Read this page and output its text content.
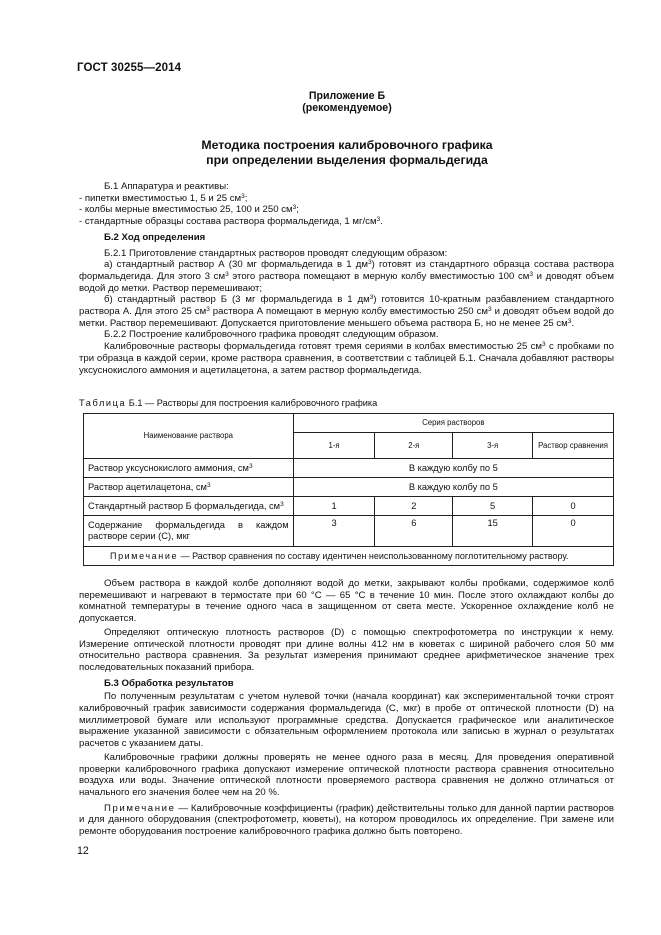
ГОСТ 30255—2014
Приложение Б
(рекомендуемое)
Методика построения калибровочного графика
при определении выделения формальдегида

Б.1 Аппаратура и реактивы:

- пипетки вместимостью 1, 5 и 25 $см^3$;

- колбы мерные вместимостью 25, 100 и 250 $см^3$;

- стандартные образцы состава раствора формальдегида, 1 $мг/см^3$.

Б.2 Ход определения

Б.2.1 Приготовление стандартных растворов проводят следующим образом:

а) стандартный раствор А (30 мг формальдегида в 1 $дм^3$) готовят из стандартного образца состава раствора формальдегида. Для этого 3 $см^3$ этого раствора помещают в мерную колбу вместимостью 100 $см^3$ и доводят объем водой до метки. Раствор перемешивают;

б) стандартный раствор Б (3 мг формальдегида в 1 $дм^3$) готовится 10-кратным разбавлением стандартного раствора А. Для этого 25 $см^3$ раствора А помещают в мерную колбу вместимостью 250 $см^3$ и доводят объем водой до метки. Раствор перемешивают. Допускается приготовление меньшего объема раствора Б, но не менее 25 $см^3$.

Б.2.2 Построение калибровочного графика проводят следующим образом.

Калибровочные растворы формальдегида готовят тремя сериями в колбах вместимостью 25 $см^3$ с пробками по три образца в каждой серии, кроме раствора сравнения, в соответствии с таблицей Б.1. Сначала добавляют растворы уксуснокислого аммония и ацетилацетона, а затем раствор формальдегида.

Таблица Б.1 — Растворы для построения калибровочного графика
Наименование раствора	Серия растворов			
	1-я	2-я	3-я	Раствор сравнения
Раствор уксуснокислого аммония, $см^3$	В каждую колбу по 5			
Раствор ацетилацетона, $см^3$	В каждую колбу по 5			
Стандартный раствор Б формальдегида, $см^3$	1	2	5	0
Содержание формальдегида в каждом растворе серии (С), мкг	3	6	15	0
Примечание — Раствор сравнения по составу идентичен неиспользованному поглотительному раствору.				

Объем раствора в каждой колбе дополняют водой до метки, закрывают колбы пробками, содержимое колб перемешивают и нагревают в термостате при 60 °С — 65 °С в течение 10 мин. После этого охлаждают колбы до комнатной температуры в течение одного часа в защищенном от света месте. Ускоренное охлаждение колб не допускается.

Определяют оптическую плотность растворов (D) с помощью спектрофотометра по инструкции к нему. Измерение оптической плотности проводят при длине волны 412 нм в кюветах с шириной рабочего слоя 50 мм относительно раствора сравнения. За результат измерения принимают среднее арифметическое значение трех последовательных показаний прибора.

Б.3 Обработка результатов

По полученным результатам с учетом нулевой точки (начала координат) как экспериментальной точки строят калибровочный график зависимости содержания формальдегида (С, мкг) в пробе от оптической плотности (D) на миллиметровой бумаге или используют программные средства. Допускается графическое или аналитическое выражение указанной зависимости с обязательным оформлением протокола или записью в журнал о результатах расчетов с указанием даты.

Калибровочные графики должны проверять не менее одного раза в месяц. Для проведения оперативной проверки калибровочного графика допускают измерение оптической плотности раствора сравнения относительно воздуха или воды. Значение оптической плотности проверяемого раствора сравнения не должно отличаться от начального его значения более чем на 20 %.

Примечание — Калибровочные коэффициенты (график) действительны только для данной партии растворов и для данного оборудования (спектрофотометр, кюветы), на котором проводилось их определение. При замене или ремонте оборудования построение калибровочного графика должно быть повторено.

12
